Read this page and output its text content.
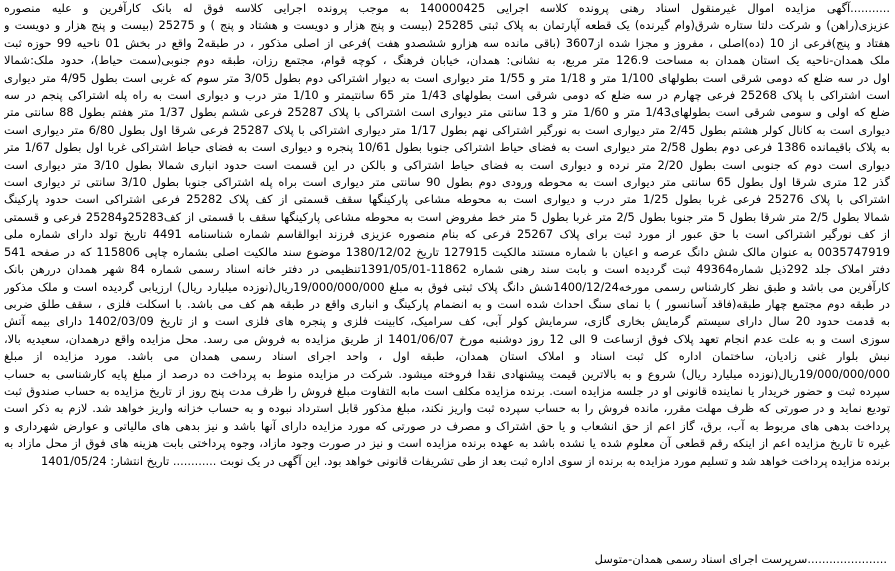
...........آگهی مزایده اموال غیرمنقول اسناد رهنی پرونده کلاسه اجرایی 140000425 به موجب پرونده اجرایی کلاسه فوق له بانک کارآفرین و علیه منصوره
عزیزی(راهن) و شرکت دلتا ستاره شرق(وام گیرنده) یک قطعه آپارتمان به پلاک ثبتی 25285 (بیست و پنج هزار و دویست و هشتاد و پنج ) و 25275 (بیست و پنج هزار و دویست و
هفتاد و پنج)فرعی از 10 (ده)اصلی ، مفروز و مجزا شده از3607 (باقی مانده سه هزارو ششصدو هفت )فرعی از اصلی مذکور ، در طبقه2 واقع در بخش 01 ناحیه 99 حوزه ثبت
ملک همدان-ناحیه یک استان همدان به مساحت 126.9 متر مربع، به نشانی: همدان، خیابان فرهنگ ، کوچه قوام، مجتمع رزان، طبقه دوم جنوبی(سمت حیاط)، حدود ملک:شمالا
اول در سه ضلع که دومی شرقی است بطولهای 1/100 متر و 1/18 متر و 1/55 متر دیواری است به دیوار اشتراکی دوم بطول 3/05 متر سوم که غربی است بطول 4/95 متر دیواری
است اشتراکی با پلاک 25268 فرعی چهارم در سه ضلع که دومی شرقی است بطولهای 1/43 متر 65 سانتیمتر و 1/10 متر درب و دیواری است به راه پله اشتراکی پنجم در سه
ضلع که اولی و سومی شرقی است بطولهای1/43 متر و 1/60 متر و 13 سانتی متر دیواری است اشتراکی با پلاک 25287 فرعی ششم بطول 1/37 متر هفتم بطول 88 سانتی متر
دیواری است به کانال کولر هشتم بطول 2/45 متر دیواری است به نورگیر اشتراکی نهم بطول 1/17 متر دیواری اشتراکی با پلاک 25287 فرعی شرقا اول بطول 6/80 متر دیواری است
به پلاک باقیمانده 1386 فرعی دوم بطول 2/58 متر دیواری است به فضای حیاط اشتراکی جنوبا بطول 10/61 پنجره و دیواری است به فضای حیاط اشتراکی غربا اول بطول 1/67 متر
دیواری است دوم که جنوبی است بطول 2/20 متر نرده و دیواری است به فضای حیاط اشتراکی و بالکن در این قسمت است حدود انباری شمالا بطول 3/10 متر دیواری است
گذر 12 متری شرقا اول بطول 65 سانتی متر دیواری است به محوطه ورودی دوم بطول 90 سانتی متر دیواری است براه پله اشتراکی جنوبا بطول 3/10 سانتی تر دیواری است
اشتراکی با پلاک 25276 فرعی غربا بطول 1/25 متر درب و دیواری است به محوطه مشاعی پارکینگها سقف قسمتی از کف پلاک 25282 فرعی اشتراکی است حدود پارکینگ
شمالا بطول 2/5 متر شرقا بطول 5 متر جنوبا بطول 2/5 متر غربا بطول 5 متر خط مفروض است به محوطه مشاعی پارکینگها سقف با قسمتی از کف25283و25284 فرعی و قسمتی
از کف نورگیر اشتراکی است با حق عبور از مورد ثبت برای پلاک 25267 فرعی که بنام منصوره عزیزی فرزند ابوالقاسم شماره شناسنامه 4491 تاریخ تولد دارای شماره ملی
0035747919 به عنوان مالک شش دانگ عرصه و اعیان با شماره مستند مالکیت 127915 تاریخ 1380/12/02 موضوع سند مالکیت اصلی بشماره چاپی 115806 که در صفحه 541
دفتر املاک جلد 292ذیل شماره49364 ثبت گردیده است و بابت سند رهنی شماره 11862-1391/05/01تنظیمی در دفتر خانه اسناد رسمی شماره 84 شهر همدان دررهن بانک
کارآفرین می باشد و طبق نظر کارشناس رسمی مورخه1400/12/24شش دانگ پلاک ثبتی فوق به مبلغ 19/000/000/000ریال(نوزده میلیارد ریال) ارزیابی گردیده است و ملک مذکور
در طبقه دوم مجتمع چهار طبقه(فاقد آسانسور ) با نمای سنگ احداث شده است و به انضمام پارکینگ و انباری واقع در طبقه هم کف می باشد. با اسکلت فلزی ، سقف طلق ضربی
به قدمت حدود 20 سال دارای سیستم گرمایش بخاری گازی، سرمایش کولر آبی، کف سرامیک، کابینت فلزی و پنجره های فلزی است و از تاریخ 1402/03/09 دارای بیمه آتش
سوزی است و به علت عدم انجام تعهد پلاک فوق ازساعت 9 الی 12 روز دوشنبه مورخ 1401/06/07 از طریق مزایده به فروش می رسد. محل مزایده واقع درهمدان، سعیدیه بالا،
نبش بلوار غنی زادیان، ساختمان اداره کل ثبت اسناد و املاک استان همدان، طبقه اول ، واحد اجرای اسناد رسمی همدان می باشد. مورد مزایده از مبلغ
19/000/000/000ریال(نوزده میلیارد ریال) شروع و به بالاترین قیمت پیشنهادی نقدا فروخته میشود. شرکت در مزایده منوط به پرداخت ده درصد از مبلغ پایه کارشناسی به حساب
سپرده ثبت و حضور خریدار یا نماینده قانونی او در جلسه مزایده است. برنده مزایده مکلف است مابه التفاوت مبلغ فروش را ظرف مدت پنج روز از تاریخ مزایده به حساب صندوق ثبت
تودیع نماید و در صورتی که ظرف مهلت مقرر، مانده فروش را به حساب سپرده ثبت واریز نکند، مبلغ مذکور قابل استرداد نبوده و به حساب خزانه واریز خواهد شد. لازم به ذکر است
پرداخت بدهی های مربوط به آب، برق، گاز اعم از حق انشعاب و یا حق اشتراک و مصرف در صورتی که مورد مزایده دارای آنها باشد و نیز بدهی های مالیاتی و عوارض شهرداری و
غیره تا تاریخ مزایده اعم از اینکه رقم قطعی آن معلوم شده یا نشده باشد به عهده برنده مزایده است و نیز در صورت وجود مازاد، وجوه پرداختی بابت هزینه های فوق از محل مازاد به
برنده مزایده پرداخت خواهد شد و تسلیم مورد مزایده به برنده از سوی اداره ثبت بعد از طی تشریفات قانونی خواهد بود. این آگهی در یک نوبت ............ تاریخ انتشار: 1401/05/24
......................سرپرست اجرای اسناد رسمی همدان-متوسل
